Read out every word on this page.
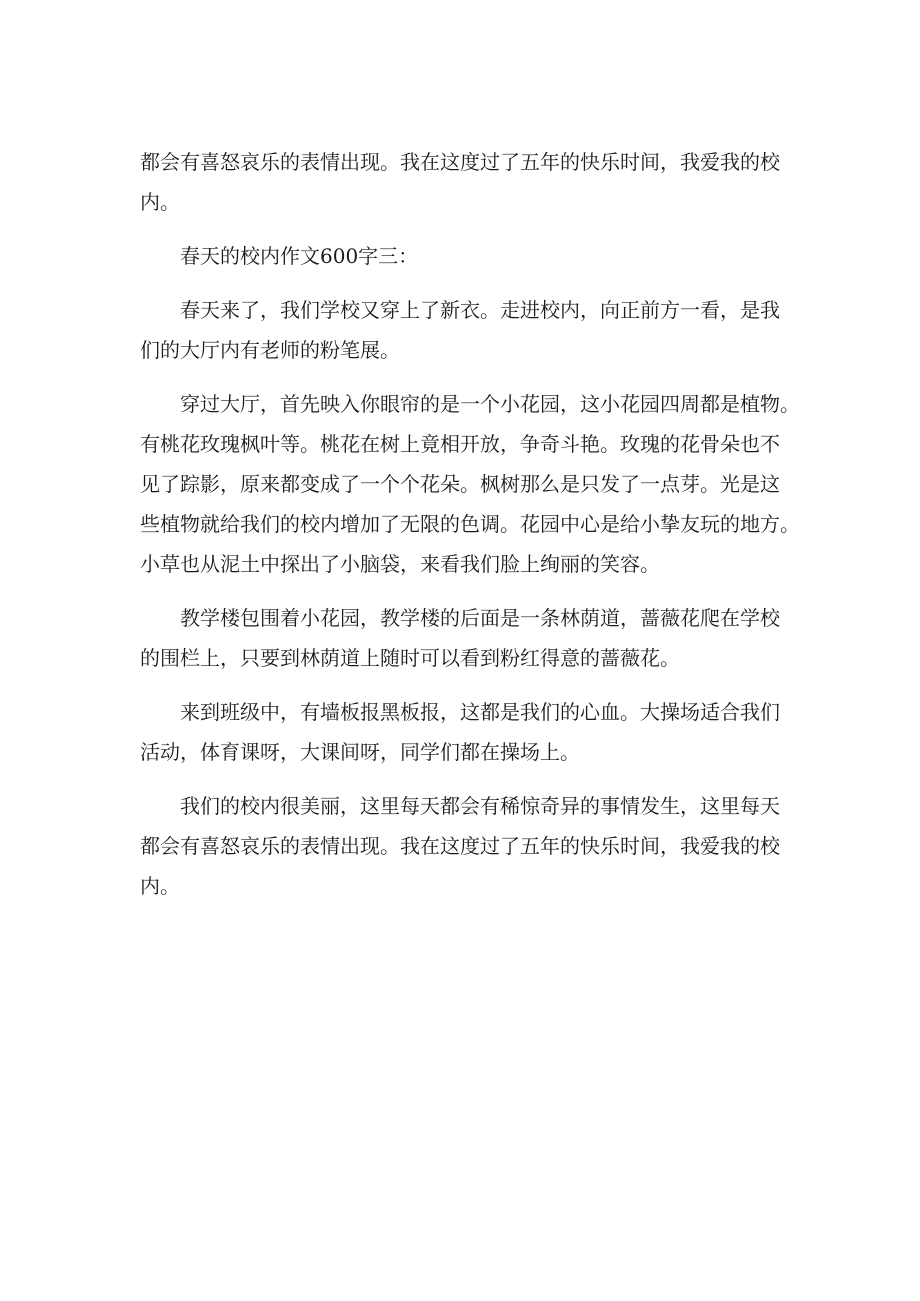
都会有喜怒哀乐的表情出现。我在这度过了五年的快乐时间，我爱我的校
内。
春天的校内作文600字三：
春天来了，我们学校又穿上了新衣。走进校内，向正前方一看，是我
们的大厅内有老师的粉笔展。
穿过大厅，首先映入你眼帘的是一个小花园，这小花园四周都是植物。
有桃花玫瑰枫叶等。桃花在树上竟相开放，争奇斗艳。玫瑰的花骨朵也不
见了踪影，原来都变成了一个个花朵。枫树那么是只发了一点芽。光是这
些植物就给我们的校内增加了无限的色调。花园中心是给小挚友玩的地方。
小草也从泥土中探出了小脑袋，来看我们脸上绚丽的笑容。
教学楼包围着小花园，教学楼的后面是一条林荫道，蔷薇花爬在学校
的围栏上，只要到林荫道上随时可以看到粉红得意的蔷薇花。
来到班级中，有墙板报黑板报，这都是我们的心血。大操场适合我们
活动，体育课呀，大课间呀，同学们都在操场上。
我们的校内很美丽，这里每天都会有稀惊奇异的事情发生，这里每天
都会有喜怒哀乐的表情出现。我在这度过了五年的快乐时间，我爱我的校
内。
